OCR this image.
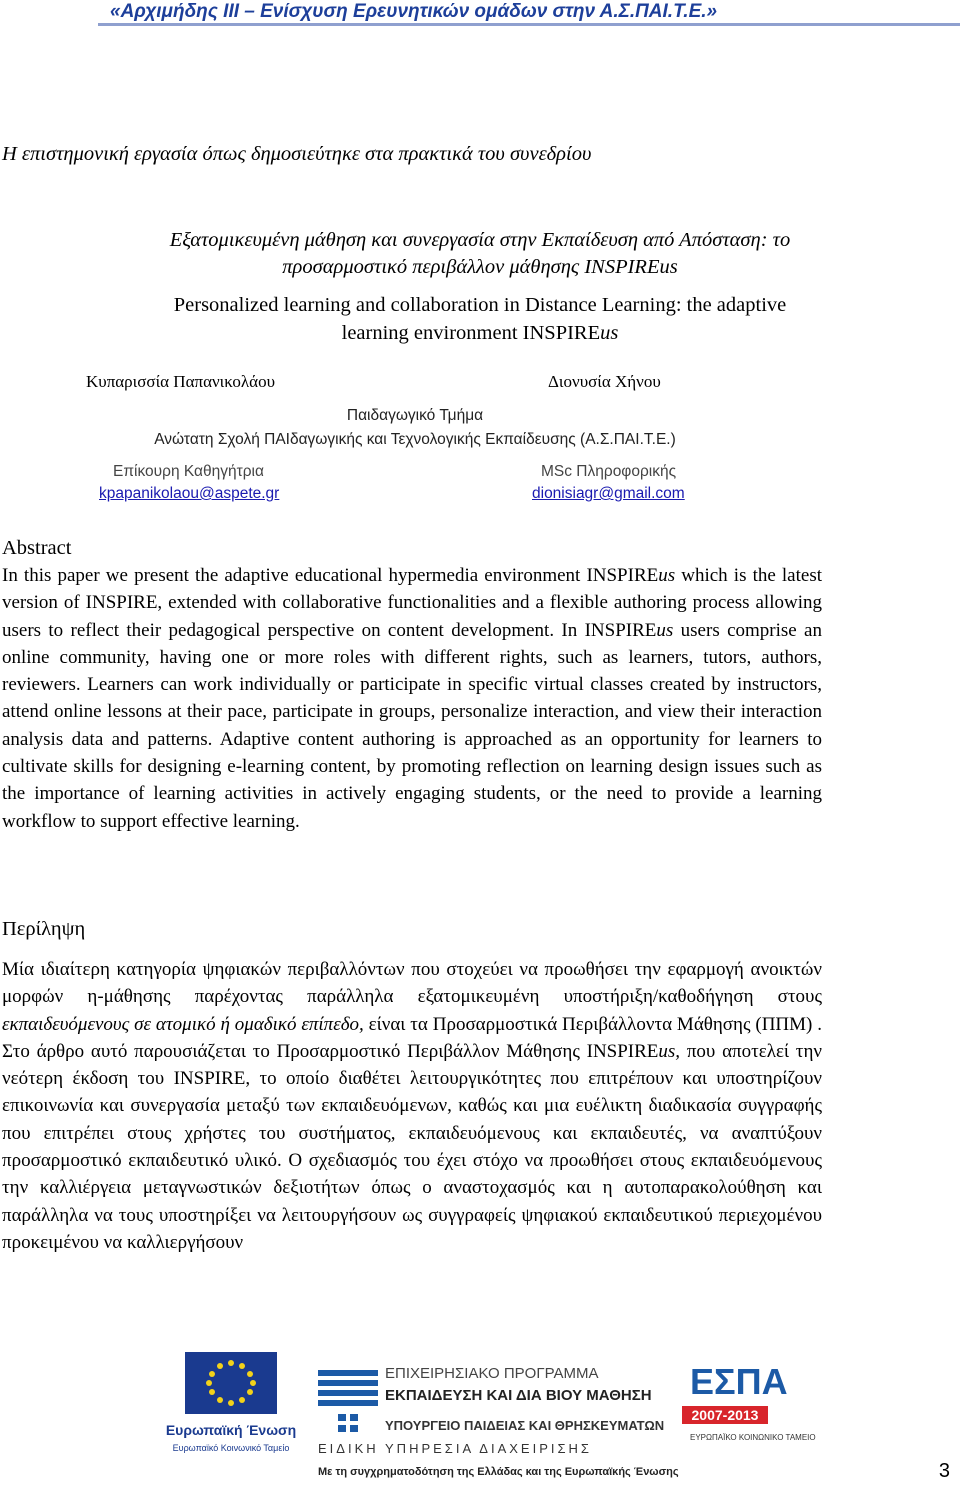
«Αρχιμήδης ΙΙΙ – Ενίσχυση Ερευνητικών ομάδων στην Α.Σ.ΠΑΙ.Τ.Ε.»
Η επιστημονική εργασία όπως δημοσιεύτηκε στα πρακτικά του συνεδρίου
Εξατομικευμένη μάθηση και συνεργασία στην Εκπαίδευση από Απόσταση: το
προσαρμοστικό περιβάλλον μάθησης INSPIREus
Personalized learning and collaboration in Distance Learning: the adaptive
learning environment INSPIREus
Κυπαρισσία Παπανικολάου	Διονυσία Χήνου
Παιδαγωγικό Τμήμα
Ανώτατη Σχολή ΠΑΙδαγωγικής και Τεχνολογικής Εκπαίδευσης (Α.Σ.ΠΑΙ.Τ.Ε.)
Επίκουρη Καθηγήτρια
kpapanikolaou@aspete.gr
MSc Πληροφορικής
dionisiagr@gmail.com
Abstract

In this paper we present the adaptive educational hypermedia environment INSPIREus which is the latest version of INSPIRE, extended with collaborative functionalities and a flexible authoring process allowing users to reflect their pedagogical perspective on content development. In INSPIREus users comprise an online community, having one or more roles with different rights, such as learners, tutors, authors, reviewers. Learners can work individually or participate in specific virtual classes created by instructors, attend online lessons at their pace, participate in groups, personalize interaction, and view their interaction analysis data and patterns. Adaptive content authoring is approached as an opportunity for learners to cultivate skills for designing e-learning content, by promoting reflection on learning design issues such as the importance of learning activities in actively engaging students, or the need to provide a learning workflow to support effective learning.

Περίληψη

Μία ιδιαίτερη κατηγορία ψηφιακών περιβαλλόντων που στοχεύει να προωθήσει την εφαρμογή ανοικτών μορφών η-μάθησης παρέχοντας παράλληλα εξατομικευμένη υποστήριξη/καθοδήγηση στους εκπαιδευόμενους σε ατομικό ή ομαδικό επίπεδο, είναι τα Προσαρμοστικά Περιβάλλοντα Μάθησης (ΠΠΜ) . Στο άρθρο αυτό παρουσιάζεται το Προσαρμοστικό Περιβάλλον Μάθησης INSPIREus, που αποτελεί την νεότερη έκδοση του INSPIRE, το οποίο διαθέτει λειτουργικότητες που επιτρέπουν και υποστηρίζουν επικοινωνία και συνεργασία μεταξύ των εκπαιδευόμενων, καθώς και μια ευέλικτη διαδικασία συγγραφής που επιτρέπει στους χρήστες του συστήματος, εκπαιδευόμενους και εκπαιδευτές, να αναπτύξουν προσαρμοστικό εκπαιδευτικό υλικό. Ο σχεδιασμός του έχει στόχο να προωθήσει στους εκπαιδευόμενους την καλλιέργεια μεταγνωστικών δεξιοτήτων όπως ο αναστοχασμός και η αυτοπαρακολούθηση και παράλληλα να τους υποστηρίξει να λειτουργήσουν ως συγγραφείς ψηφιακού εκπαιδευτικού περιεχομένου προκειμένου να καλλιεργήσουν

Ευρωπαϊκή Ένωση
Ευρωπαϊκό Κοινωνικό Ταμείο
ΕΠΙΧΕΙΡΗΣΙΑΚΟ ΠΡΟΓΡΑΜΜΑ
ΕΚΠΑΙΔΕΥΣΗ ΚΑΙ ΔΙΑ ΒΙΟΥ ΜΑΘΗΣΗ
ΥΠΟΥΡΓΕΙΟ ΠΑΙΔΕΙΑΣ ΚΑΙ ΘΡΗΣΚΕΥΜΑΤΩΝ
ΕΙΔΙΚΗ ΥΠΗΡΕΣΙΑ ΔΙΑΧΕΙΡΙΣΗΣ
ΕΣΠΑ
2007-2013
ΕΥΡΩΠΑΪΚΟ ΚΟΙΝΩΝΙΚΟ ΤΑΜΕΙΟ
Με τη συγχρηματοδότηση της Ελλάδας και της Ευρωπαϊκής Ένωσης	3
